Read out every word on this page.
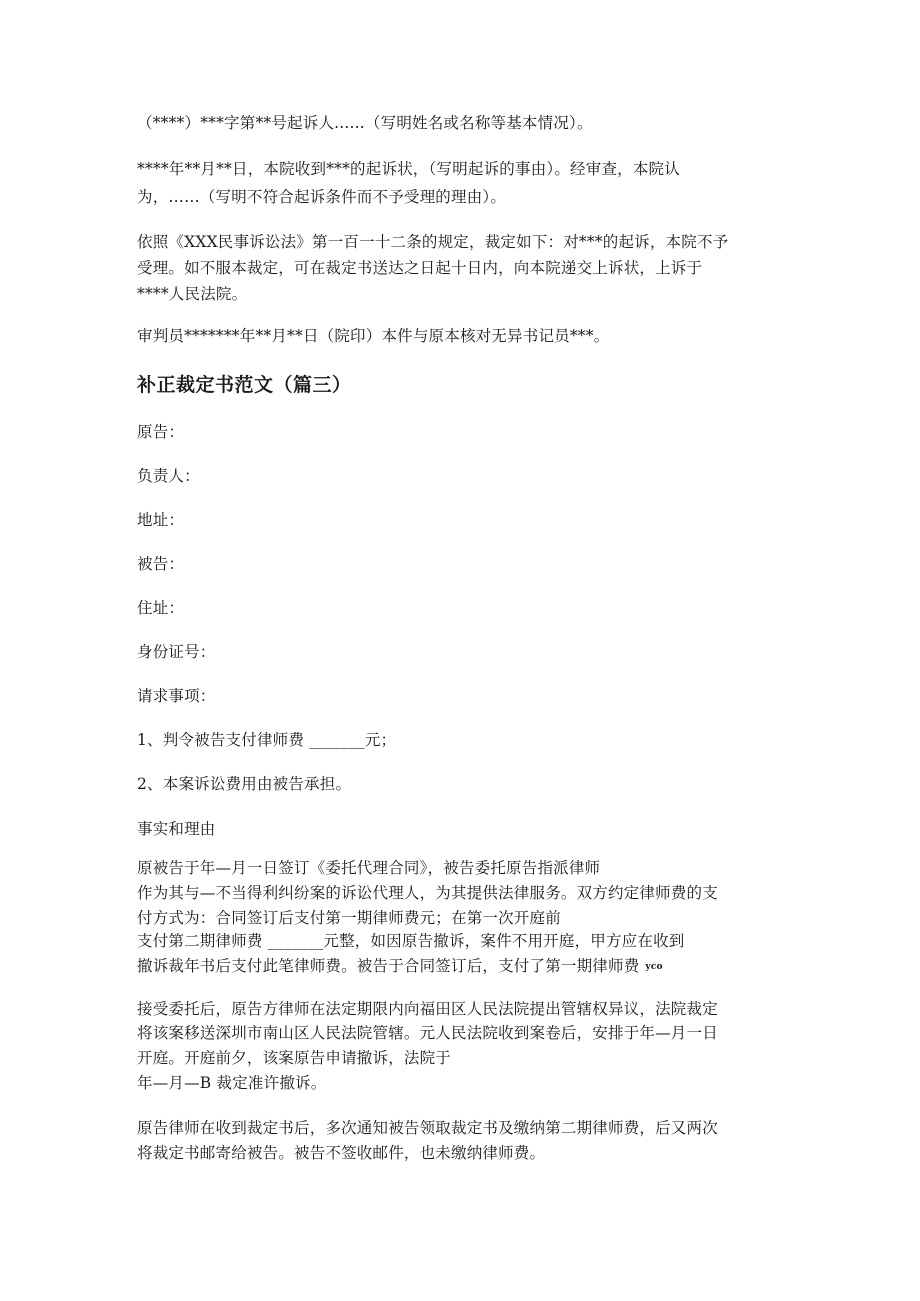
（****）***字第**号起诉人......（写明姓名或名称等基本情况）。
****年**月**日，本院收到***的起诉状，（写明起诉的事由）。经审查，本院认
为，……（写明不符合起诉条件而不予受理的理由）。
依照《XXX民事诉讼法》第一百一十二条的规定，裁定如下：对***的起诉，本院不予
受理。如不服本裁定，可在裁定书送达之日起十日内，向本院递交上诉状，上诉于
****人民法院。
审判员*******年**月**日（院印）本件与原本核对无异书记员***。
补正裁定书范文（篇三）
原告：
负责人：
地址：
被告：
住址：
身份证号：
请求事项：
1、判令被告支付律师费 _______元；
2、本案诉讼费用由被告承担。
事实和理由
原被告于年—月一日签订《委托代理合同》，被告委托原告指派律师
作为其与—不当得利纠纷案的诉讼代理人，为其提供法律服务。双方约定律师费的支
付方式为：合同签订后支付第一期律师费元；在第一次开庭前
支付第二期律师费 _______元整，如因原告撤诉，案件不用开庭，甲方应在收到
撤诉裁年书后支付此笔律师费。被告于合同签订后，支付了第一期律师费 yco
接受委托后，原告方律师在法定期限内向福田区人民法院提出管辖权异议，法院裁定
将该案移送深圳市南山区人民法院管辖。元人民法院收到案卷后，安排于年—月一日
开庭。开庭前夕，该案原告申请撤诉，法院于
年—月—B 裁定准许撤诉。
原告律师在收到裁定书后，多次通知被告领取裁定书及缴纳第二期律师费，后又两次
将裁定书邮寄给被告。被告不签收邮件，也未缴纳律师费。
